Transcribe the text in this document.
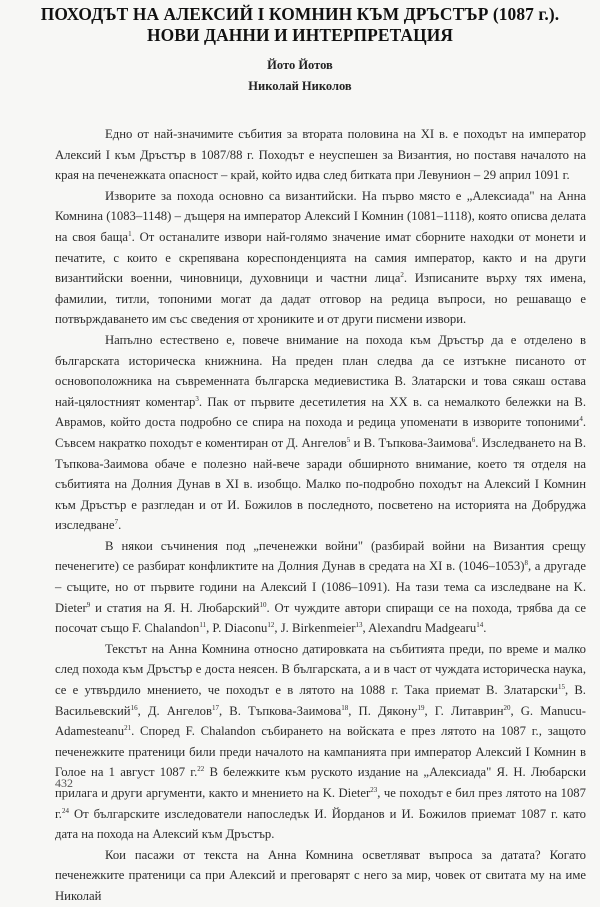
ПОХОДЪТ НА АЛЕКСИЙ I КОМНИН КЪМ ДРЪСТЪР (1087 г.).
НОВИ ДАННИ И ИНТЕРПРЕТАЦИЯ
Йото Йотов
Николай Николов

Едно от най-значимите събития за втората половина на XI в. е походът на император Алексий I към Дръстър в 1087/88 г. Походът е неуспешен за Византия, но поставя началото на края на печенежката опасност – край, който идва след битката при Левунион – 29 април 1091 г.

Изворите за похода основно са византийски. На първо място е „Алексиада" на Анна Комнина (1083–1148) – дъщеря на император Алексий I Комнин (1081–1118), която описва делата на своя баща$^1$. От останалите извори най-голямо значение имат сборните находки от монети и печатите, с които е скрепявана кореспонденцията на самия император, както и на други византийски военни, чиновници, духовници и частни лица$^2$. Изписаните върху тях имена, фамилии, титли, топоними могат да дадат отговор на редица въпроси, но решаващо е потвърждаването им със сведения от хрониките и от други писмени извори.

Напълно естествено е, повече внимание на похода към Дръстър да е отделено в българската историческа книжнина. На преден план следва да се изтъкне писаното от основоположника на съвременната българска медиевистика В. Златарски и това сякаш остава най-цялостният коментар$^3$. Пак от първите десетилетия на XX в. са немалкото бележки на В. Аврамов, който доста подробно се спира на похода и редица упоменати в изворите топоними$^4$. Съвсем накратко походът е коментиран от Д. Ангелов$^5$ и В. Тъпкова-Заимова$^6$. Изследването на В. Тъпкова-Заимова обаче е полезно най-вече заради обширното внимание, което тя отделя на събитията на Долния Дунав в XI в. изобщо. Малко по-подробно походът на Алексий I Комнин към Дръстър е разгледан и от И. Божилов в последното, посветено на историята на Добруджа изследване$^7$.

В някои съчинения под „печенежки войни" (разбирай войни на Византия срещу печенегите) се разбират конфликтите на Долния Дунав в средата на XI в. (1046–1053)$^8$, а другаде – същите, но от първите години на Алексий I (1086–1091). На тази тема са изследване на K. Dieter$^9$ и статия на Я. Н. Любарский$^{10}$. От чуждите автори спиращи се на похода, трябва да се посочат също F. Chalandon$^{11}$, P. Diaconu$^{12}$, J. Birkenmeier$^{13}$, Alexandru Madgearu$^{14}$.

Текстът на Анна Комнина относно датировката на събитията преди, по време и малко след похода към Дръстър е доста неясен. В българската, а и в част от чуждата историческа наука, се е утвърдило мнението, че походът е в лятото на 1088 г. Така приемат В. Златарски$^{15}$, В. Васильевский$^{16}$, Д. Ангелов$^{17}$, В. Тъпкова-Заимова$^{18}$, П. Дякону$^{19}$, Г. Литаврин$^{20}$, G. Manucu-Adamesteanu$^{21}$. Според F. Chalandon събирането на войската е през лятото на 1087 г., защото печенежките пратеници били преди началото на кампанията при император Алексий I Комнин в Голое на 1 август 1087 г.$^{22}$ В бележките към руското издание на „Алексиада" Я. Н. Любарски прилага и други аргументи, както и мнението на K. Dieter$^{23}$, че походът е бил през лятото на 1087 г.$^{24}$ От българските изследователи напоследък И. Йорданов и И. Божилов приемат 1087 г. като дата на похода на Алексий към Дръстър.

Кои пасажи от текста на Анна Комнина осветляват въпроса за датата? Когато печенежките пратеници са при Алексий и преговарят с него за мир, човек от свитата му на име Николай

432
